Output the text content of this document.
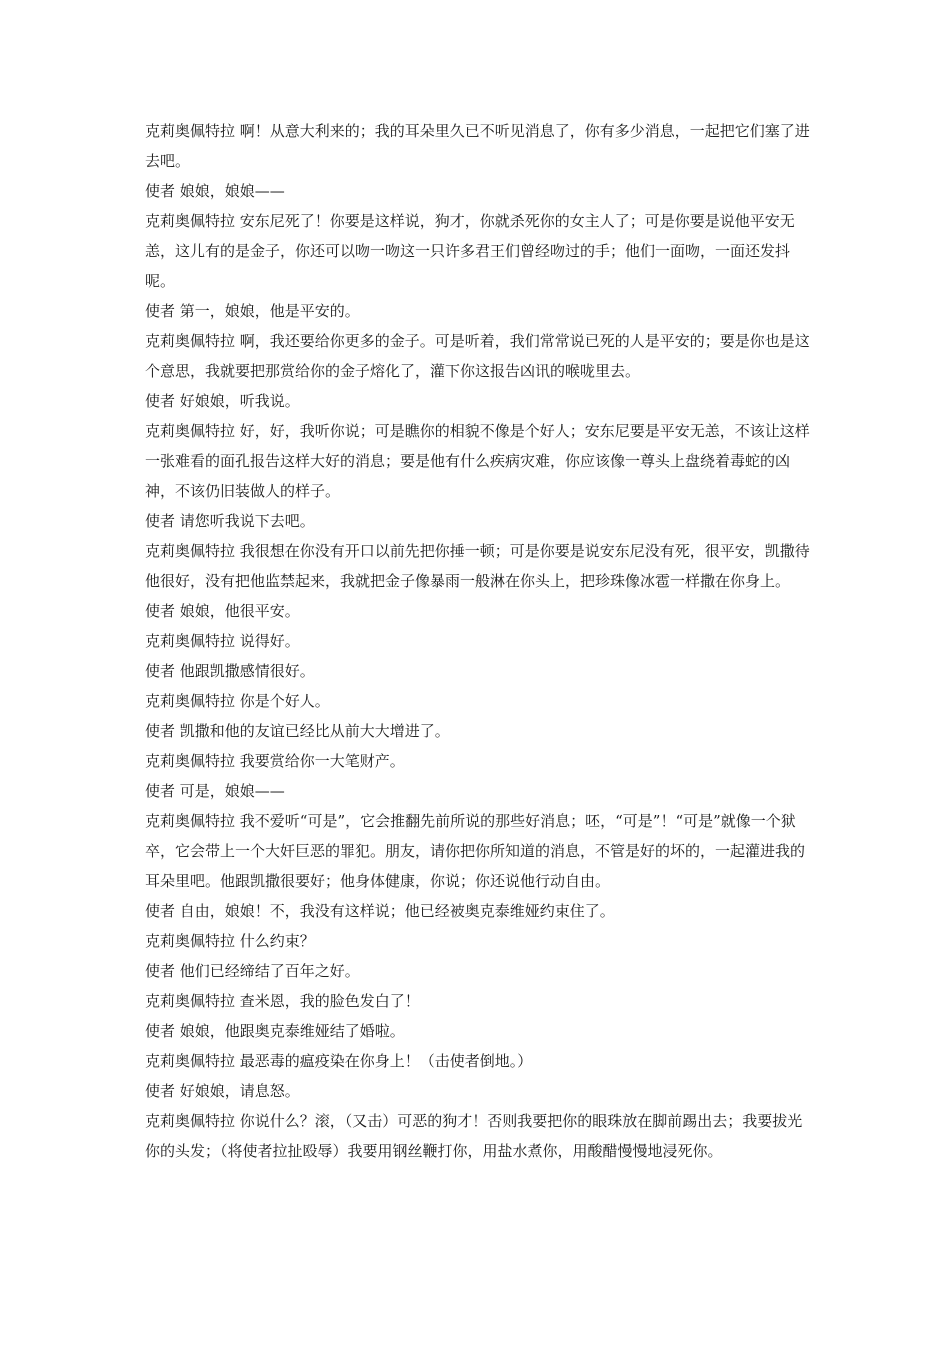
克莉奥佩特拉 啊！从意大利来的；我的耳朵里久已不听见消息了，你有多少消息，一起把它们塞了进去吧。
使者 娘娘，娘娘——
克莉奥佩特拉 安东尼死了！你要是这样说，狗才，你就杀死你的女主人了；可是你要是说他平安无恙，这儿有的是金子，你还可以吻一吻这一只许多君王们曾经吻过的手；他们一面吻，一面还发抖呢。
使者 第一，娘娘，他是平安的。
克莉奥佩特拉 啊，我还要给你更多的金子。可是听着，我们常常说已死的人是平安的；要是你也是这个意思，我就要把那赏给你的金子熔化了，灌下你这报告凶讯的喉咙里去。
使者 好娘娘，听我说。
克莉奥佩特拉 好，好，我听你说；可是瞧你的相貌不像是个好人；安东尼要是平安无恙，不该让这样一张难看的面孔报告这样大好的消息；要是他有什么疾病灾难，你应该像一尊头上盘绕着毒蛇的凶神，不该仍旧装做人的样子。
使者 请您听我说下去吧。
克莉奥佩特拉 我很想在你没有开口以前先把你捶一顿；可是你要是说安东尼没有死，很平安，凯撒待他很好，没有把他监禁起来，我就把金子像暴雨一般淋在你头上，把珍珠像冰雹一样撒在你身上。
使者 娘娘，他很平安。
克莉奥佩特拉 说得好。
使者 他跟凯撒感情很好。
克莉奥佩特拉 你是个好人。
使者 凯撒和他的友谊已经比从前大大增进了。
克莉奥佩特拉 我要赏给你一大笔财产。
使者 可是，娘娘——
克莉奥佩特拉 我不爱听“可是”，它会推翻先前所说的那些好消息；呸，“可是”！“可是”就像一个狱卒，它会带上一个大奸巨恶的罪犯。朋友，请你把你所知道的消息，不管是好的坏的，一起灌进我的耳朵里吧。他跟凯撒很要好；他身体健康，你说；你还说他行动自由。
使者 自由，娘娘！不，我没有这样说；他已经被奥克泰维娅约束住了。
克莉奥佩特拉 什么约束？
使者 他们已经缔结了百年之好。
克莉奥佩特拉 查米恩，我的脸色发白了！
使者 娘娘，他跟奥克泰维娅结了婚啦。
克莉奥佩特拉 最恶毒的瘟疫染在你身上！（击使者倒地。）
使者 好娘娘，请息怒。
克莉奥佩特拉 你说什么？滚，（又击）可恶的狗才！否则我要把你的眼珠放在脚前踢出去；我要拔光你的头发；（将使者拉扯殴辱）我要用钢丝鞭打你，用盐水煮你，用酸醋慢慢地浸死你。
